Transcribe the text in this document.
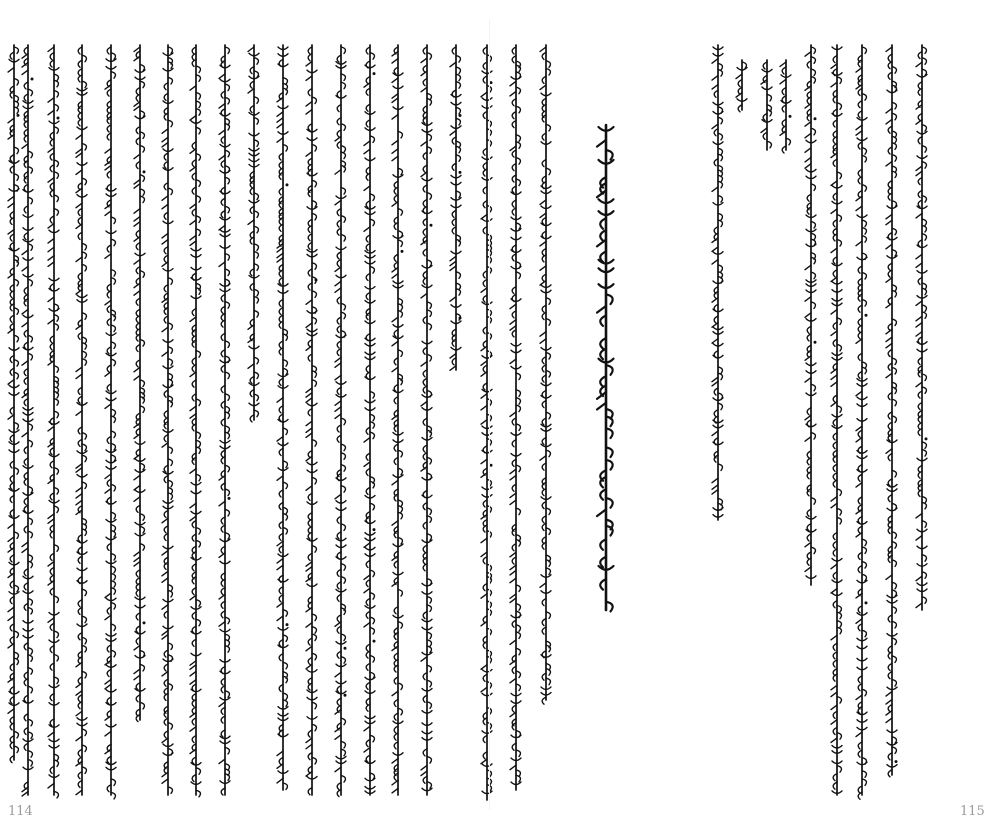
114	115
